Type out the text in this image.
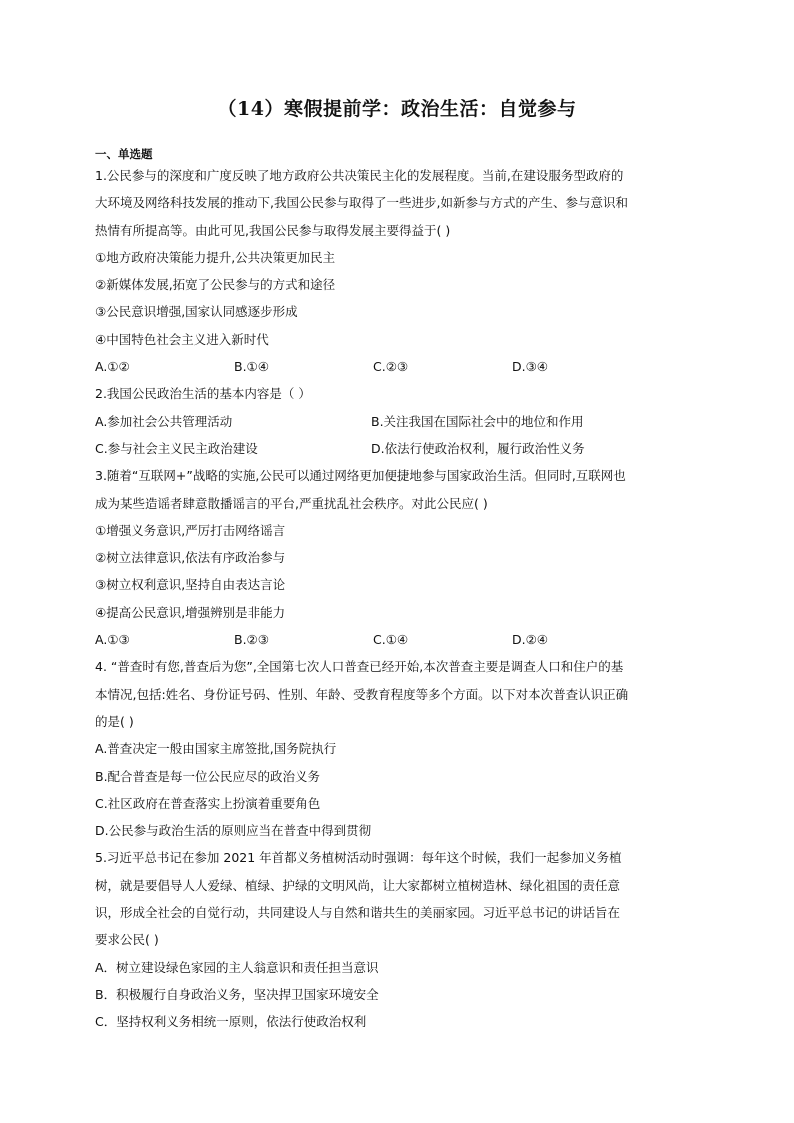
（14）寒假提前学：政治生活：自觉参与
一、单选题
1.公民参与的深度和广度反映了地方政府公共决策民主化的发展程度。当前,在建设服务型政府的
大环境及网络科技发展的推动下,我国公民参与取得了一些进步,如新参与方式的产生、参与意识和
热情有所提高等。由此可见,我国公民参与取得发展主要得益于( )
①地方政府决策能力提升,公共决策更加民主
②新媒体发展,拓宽了公民参与的方式和途径
③公民意识增强,国家认同感逐步形成
④中国特色社会主义进入新时代
A.①②	B.①④	C.②③	D.③④
2.我国公民政治生活的基本内容是（ ）
A.参加社会公共管理活动	B.关注我国在国际社会中的地位和作用
C.参与社会主义民主政治建设	D.依法行使政治权利，履行政治性义务
3.随着“互联网+”战略的实施,公民可以通过网络更加便捷地参与国家政治生活。但同时,互联网也
成为某些造谣者肆意散播谣言的平台,严重扰乱社会秩序。对此公民应( )
①增强义务意识,严厉打击网络谣言
②树立法律意识,依法有序政治参与
③树立权利意识,坚持自由表达言论
④提高公民意识,增强辨别是非能力
A.①③	B.②③	C.①④	D.②④
4. “普查时有您,普查后为您”,全国第七次人口普查已经开始,本次普查主要是调查人口和住户的基
本情况,包括:姓名、身份证号码、性别、年龄、受教育程度等多个方面。以下对本次普查认识正确
的是( )
A.普查决定一般由国家主席签批,国务院执行
B.配合普查是每一位公民应尽的政治义务
C.社区政府在普查落实上扮演着重要角色
D.公民参与政治生活的原则应当在普查中得到贯彻
5.习近平总书记在参加 2021 年首都义务植树活动时强调：每年这个时候，我们一起参加义务植
树，就是要倡导人人爱绿、植绿、护绿的文明风尚，让大家都树立植树造林、绿化祖国的责任意
识，形成全社会的自觉行动，共同建设人与自然和谐共生的美丽家园。习近平总书记的讲话旨在
要求公民( )
A．树立建设绿色家园的主人翁意识和责任担当意识
B．积极履行自身政治义务，坚决捍卫国家环境安全
C．坚持权利义务相统一原则，依法行使政治权利
